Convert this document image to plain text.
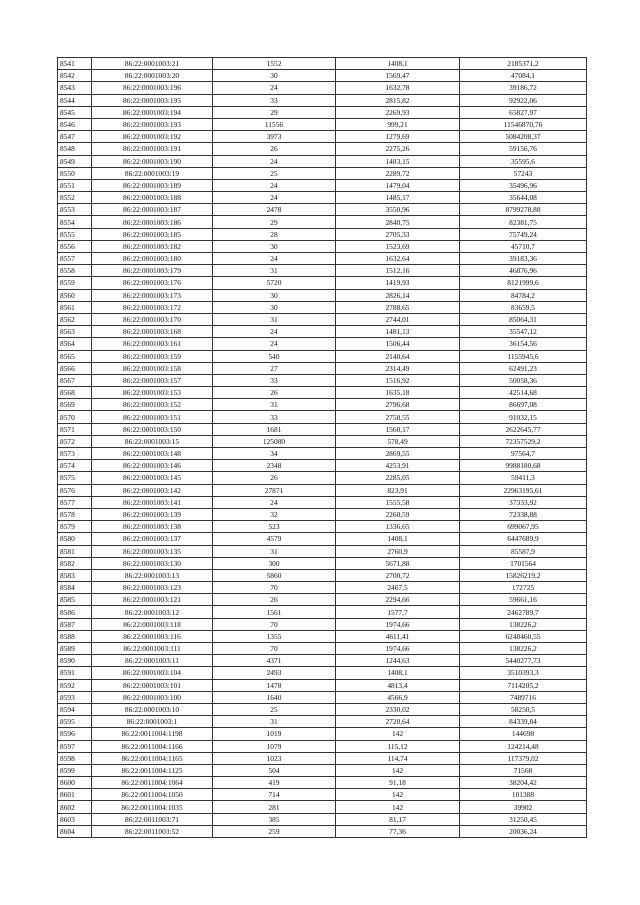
8541	86:22:0001003:21	1552	1408,1	2185371,2
8542	86:22:0001003:20	30	1569,47	47084,1
8543	86:22:0001003:196	24	1632,78	39186,72
8544	86:22:0001003:195	33	2815,82	92922,06
8545	86:22:0001003:194	29	2269,93	65827,97
8546	86:22:0001003:193	11556	999,21	11546870,76
8547	86:22:0001003:192	3973	1279,69	5084208,37
8548	86:22:0001003:191	26	2275,26	59156,76
8549	86:22:0001003:190	24	1483,15	35595,6
8550	86:22:0001003:19	25	2289,72	57243
8551	86:22:0001003:189	24	1479,04	35496,96
8552	86:22:0001003:188	24	1485,17	35644,08
8553	86:22:0001003:187	2478	3550,96	8799278,88
8554	86:22:0001003:186	29	2840,75	82381,75
8555	86:22:0001003:185	28	2705,33	75749,24
8556	86:22:0001003:182	30	1523,69	45710,7
8557	86:22:0001003:180	24	1632,64	39183,36
8558	86:22:0001003:179	31	1512,16	46876,96
8559	86:22:0001003:176	5720	1419,93	8121999,6
8560	86:22:0001003:173	30	2826,14	84784,2
8561	86:22:0001003:172	30	2788,65	83659,5
8562	86:22:0001003:170	31	2744,01	85064,31
8563	86:22:0001003:168	24	1481,13	35547,12
8564	86:22:0001003:161	24	1506,44	36154,56
8565	86:22:0001003:159	540	2140,64	1155945,6
8566	86:22:0001003:158	27	2314,49	62491,23
8567	86:22:0001003:157	33	1516,92	50058,36
8568	86:22:0001003:153	26	1635,18	42514,68
8569	86:22:0001003:152	31	2796,68	86697,08
8570	86:22:0001003:151	33	2758,55	91032,15
8571	86:22:0001003:150	1681	1560,17	2622645,77
8572	86:22:0001003:15	125080	578,49	72357529,2
8573	86:22:0001003:148	34	2869,55	97564,7
8574	86:22:0001003:146	2348	4253,91	9988180,68
8575	86:22:0001003:145	26	2285,05	59411,3
8576	86:22:0001003:142	27871	823,91	22963195,61
8577	86:22:0001003:141	24	1555,58	37333,92
8578	86:22:0001003:139	32	2260,59	72338,88
8579	86:22:0001003:138	523	1336,65	699067,95
8580	86:22:0001003:137	4579	1408,1	6447689,9
8581	86:22:0001003:135	31	2760,9	85587,9
8582	86:22:0001003:130	300	5671,88	1701564
8583	86:22:0001003:13	5860	2700,72	15826219,2
8584	86:22:0001003:123	70	2467,5	172725
8585	86:22:0001003:121	26	2294,66	59661,16
8586	86:22:0001003:12	1561	1577,7	2462789,7
8587	86:22:0001003:118	70	1974,66	138226,2
8588	86:22:0001003:116	1355	4611,41	6248460,55
8589	86:22:0001003:111	70	1974,66	138226,2
8590	86:22:0001003:11	4371	1244,63	5440277,73
8591	86:22:0001003:104	2493	1408,1	3510393,3
8592	86:22:0001003:101	1478	4813,4	7114205,2
8593	86:22:0001003:100	1640	4566,9	7489716
8594	86:22:0001003:10	25	2330,02	58250,5
8595	86:22:0001003:1	31	2720,64	84339,84
8596	86:22:0011004:1198	1019	142	144698
8597	86:22:0011004:1166	1079	115,12	124214,48
8598	86:22:0011004:1165	1023	114,74	117379,02
8599	86:22:0011004:1125	504	142	71568
8600	86:22:0011004:1064	419	91,18	38204,42
8601	86:22:0011004:1050	714	142	101388
8602	86:22:0011004:1035	281	142	39902
8603	86:22:0011003:71	385	81,17	31250,45
8604	86:22:0011003:52	259	77,36	20036,24
